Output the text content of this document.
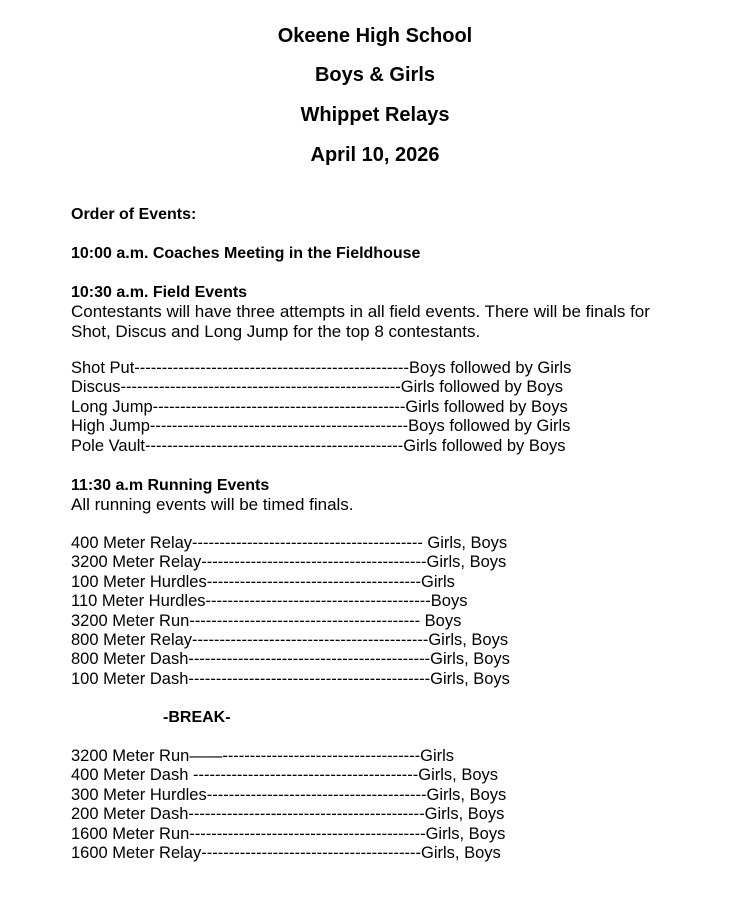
Okeene High School
Boys & Girls
Whippet Relays
April 10, 2026

Order of Events:

10:00 a.m. Coaches Meeting in the Fieldhouse

10:30 a.m. Field Events

Contestants will have three attempts in all field events. There will be finals for Shot, Discus and Long Jump for the top 8 contestants.

Shot Put--------------------------------------------------Boys followed by Girls
Discus---------------------------------------------------Girls followed by Boys
Long Jump----------------------------------------------Girls followed by Boys
High Jump-----------------------------------------------Boys followed by Girls
Pole Vault-----------------------------------------------Girls followed by Boys

11:30 a.m Running Events

All running events will be timed finals.

400 Meter Relay------------------------------------------ Girls, Boys
3200 Meter Relay-----------------------------------------Girls, Boys
100 Meter Hurdles---------------------------------------Girls
110 Meter Hurdles-----------------------------------------Boys
3200 Meter Run------------------------------------------ Boys
800 Meter Relay-------------------------------------------Girls, Boys
800 Meter Dash--------------------------------------------Girls, Boys
100 Meter Dash--------------------------------------------Girls, Boys

-BREAK-

3200 Meter Run——------------------------------------Girls
400 Meter Dash -----------------------------------------Girls, Boys
300 Meter Hurdles----------------------------------------Girls, Boys
200 Meter Dash-------------------------------------------Girls, Boys
1600 Meter Run-------------------------------------------Girls, Boys
1600 Meter Relay----------------------------------------Girls, Boys
